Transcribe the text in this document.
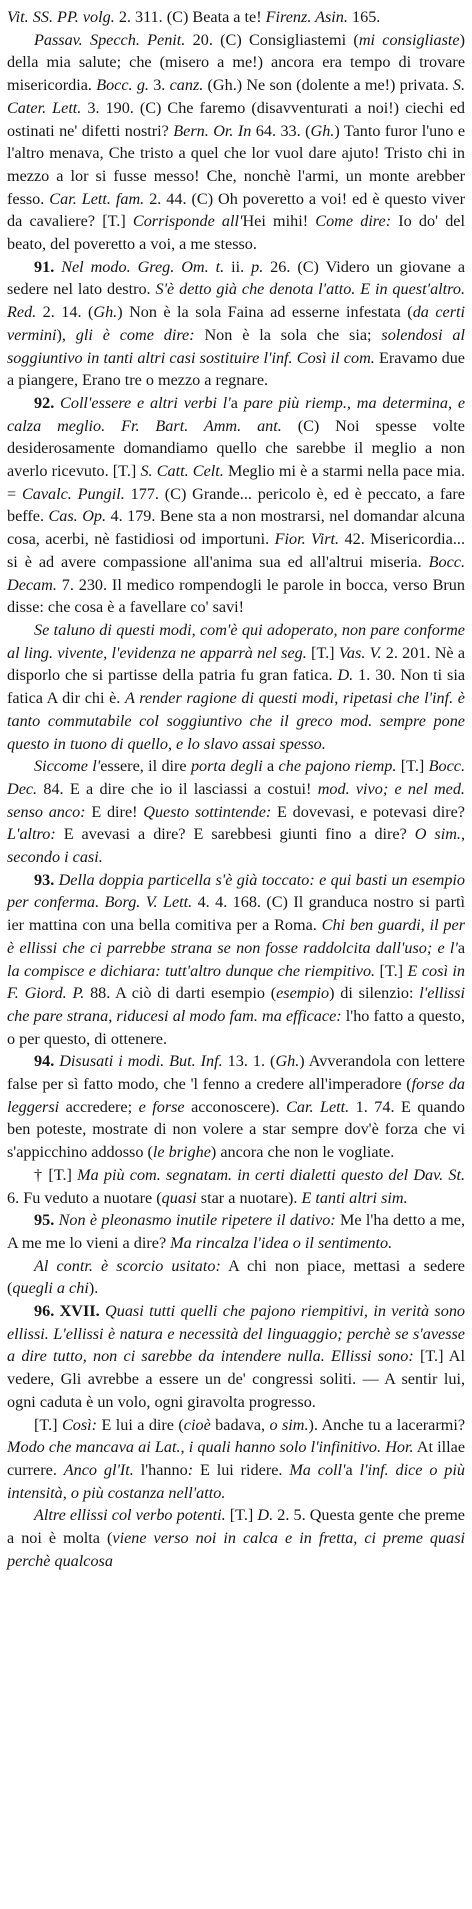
Vit. SS. PP. volg. 2. 311. (C) Beata a te! Firenz. Asin. 165.

Passav. Specch. Penit. 20. (C) Consigliastemi (mi consigliaste) della mia salute; che (misero a me!) ancora era tempo di trovare misericordia. Bocc. g. 3. canz. (Gh.) Ne son (dolente a me!) privata. S. Cater. Lett. 3. 190. (C) Che faremo (disavventurati a noi!) ciechi ed ostinati ne' difetti nostri? Bern. Or. In 64. 33. (Gh.) Tanto furor l'uno e l'altro menava, Che tristo a quel che lor vuol dare ajuto! Tristo chi in mezzo a lor si fusse messo! Che, nonchè l'armi, un monte arebber fesso. Car. Lett. fam. 2. 44. (C) Oh poveretto a voi! ed è questo viver da cavaliere? [T.] Corrisponde all'Hei mihi! Come dire: Io do' del beato, del poveretto a voi, a me stesso.

91. Nel modo. Greg. Om. t. ii. p. 26. (C) Videro un giovane a sedere nel lato destro. S'è detto già che denota l'atto. E in quest'altro. Red. 2. 14. (Gh.) Non è la sola Faina ad esserne infestata (da certi vermini), gli è come dire: Non è la sola che sia; solendosi al soggiuntivo in tanti altri casi sostituire l'inf. Così il com. Eravamo due a piangere, Erano tre o mezzo a regnare.

92. Coll'essere e altri verbi l'a pare più riemp., ma determina, e calza meglio. Fr. Bart. Amm. ant. (C) Noi spesse volte desiderosamente domandiamo quello che sarebbe il meglio a non averlo ricevuto. [T.] S. Catt. Celt. Meglio mi è a starmi nella pace mia. = Cavalc. Pungil. 177. (C) Grande... pericolo è, ed è peccato, a fare beffe. Cas. Op. 4. 179. Bene sta a non mostrarsi, nel domandar alcuna cosa, acerbi, nè fastidiosi od importuni. Fior. Virt. 42. Misericordia... si è ad avere compassione all'anima sua ed all'altrui miseria. Bocc. Decam. 7. 230. Il medico rompendogli le parole in bocca, verso Brun disse: che cosa è a favellare co' savi!

Se taluno di questi modi, com'è qui adoperato, non pare conforme al ling. vivente, l'evidenza ne apparrà nel seg. [T.] Vas. V. 2. 201. Nè a disporlo che si partisse della patria fu gran fatica. D. 1. 30. Non ti sia fatica A dir chi è. A render ragione di questi modi, ripetasi che l'inf. è tanto commutabile col soggiuntivo che il greco mod. sempre pone questo in tuono di quello, e lo slavo assai spesso.

Siccome l'essere, il dire porta degli a che pajono riemp. [T.] Bocc. Dec. 84. E a dire che io il lasciassi a costui! mod. vivo; e nel med. senso anco: E dire! Questo sottintende: E dovevasi, e potevasi dire? L'altro: E avevasi a dire? E sarebbesi giunti fino a dire? O sim., secondo i casi.

93. Della doppia particella s'è già toccato: e qui basti un esempio per conferma. Borg. V. Lett. 4. 4. 168. (C) Il granduca nostro si partì ier mattina con una bella comitiva per a Roma. Chi ben guardi, il per è ellissi che ci parrebbe strana se non fosse raddolcita dall'uso; e l'a la compisce e dichiara: tutt'altro dunque che riempitivo. [T.] E così in F. Giord. P. 88. A ciò di darti esempio (esempio) di silenzio: l'ellissi che pare strana, riducesi al modo fam. ma efficace: l'ho fatto a questo, o per questo, di ottenere.

94. Disusati i modi. But. Inf. 13. 1. (Gh.) Avverandola con lettere false per sì fatto modo, che 'l fenno a credere all'imperadore (forse da leggersi accredere; e forse acconoscere). Car. Lett. 1. 74. E quando ben poteste, mostrate di non volere a star sempre dov'è forza che vi s'appicchino addosso (le brighe) ancora che non le vogliate.

† [T.] Ma più com. segnatam. in certi dialetti questo del Dav. St. 6. Fu veduto a nuotare (quasi star a nuotare). E tanti altri sim.

95. Non è pleonasmo inutile ripetere il dativo: Me l'ha detto a me, A me me lo vieni a dire? Ma rincalza l'idea o il sentimento.

Al contr. è scorcio usitato: A chi non piace, mettasi a sedere (quegli a chi).

96. XVII. Quasi tutti quelli che pajono riempitivi, in verità sono ellissi. L'ellissi è natura e necessità del linguaggio; perchè se s'avesse a dire tutto, non ci sarebbe da intendere nulla. Ellissi sono: [T.] Al vedere, Gli avrebbe a essere un de' congressi soliti. — A sentir lui, ogni caduta è un volo, ogni giravolta progresso.

[T.] Così: E lui a dire (cioè badava, o sim.). Anche tu a lacerarmi? Modo che mancava ai Lat., i quali hanno solo l'infinitivo. Hor. At illae currere. Anco gl'It. l'hanno: E lui ridere. Ma coll'a l'inf. dice o più intensità, o più costanza nell'atto.

Altre ellissi col verbo potenti. [T.] D. 2. 5. Questa gente che preme a noi è molta (viene verso noi in calca e in fretta, ci preme quasi perchè qualcosa
